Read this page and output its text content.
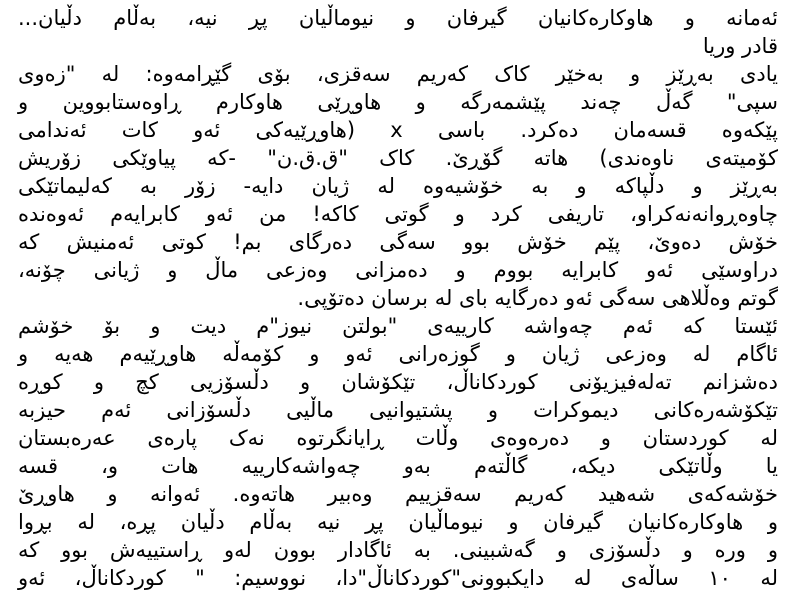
ئەمانە و هاوکارەکانیان گیرفان و نیوماڵیان پڕ نیە، بەڵام دڵیان...
قادر وریا
یادی بەڕێز و بەخێر کاک کەریم سەقزی، بۆی گێڕامەوە: لە "زەوی
سپی" گەڵ چەند پێشمەرگە و هاوڕێی هاوکارم ڕاوەستابووین و
پێکەوە قسەمان دەکرد. باسی x (هاوڕێیەکی ئەو کات ئەندامی
کۆمیتەی ناوەندی) هاتە گۆڕێ. کاک "ق.ق.ن" -کە پیاوێکی زۆریش
بەڕێز و دڵپاکە و بە خۆشیەوە لە ژیان دایە- زۆر بە کەلیماتێکی
چاوەڕوانەنەکراو، تاریفی کرد و گوتی کاکە! من ئەو کابرایەم ئەوەندە
خۆش دەوێ، پێم خۆش بوو سەگی دەرگای بم! کوتی ئەمنیش کە
دراوسێی ئەو کابرایە بووم و دەمزانی وەزعی ماڵ و ژیانی چۆنە،
گوتم وەڵلاهی سەگی ئەو دەرگایە بای لە برسان دەتۆپی.
ئێستا کە ئەم چەواشە کارییەی "بولتن نیوز"م دیت و بۆ خۆشم
ئاگام لە وەزعی ژیان و گوزەرانی ئەو و کۆمەڵە هاوڕێیەم هەیە و
دەشزانم تەلەفیزیۆنی کوردکاناڵ، تێکۆشان و دڵسۆزیی کچ و کوڕە
تێکۆشەرەکانی دیموکرات و پشتیوانیی ماڵیی دڵسۆزانی ئەم حیزبە
لە کوردستان و دەرەوەی وڵات ڕایانگرتوە نەک پارەی عەرەبستان
یا وڵاتێکی دیکە، گاڵتەم بەو چەواشەکارییە هات و، قسە
خۆشەکەی شەهید کەریم سەقزییم وەبیر هاتەوە. ئەوانە و هاوڕێ
و هاوکارەکانیان گیرفان و نیوماڵیان پڕ نیە بەڵام دڵیان پڕە، لە بڕوا
و ورە و دڵسۆزی و گەشبینی. بە ئاگادار بوون لەو ڕاستییەش بوو کە
لە ١٠ ساڵەی لە دایکبوونی"کوردکاناڵ"دا، نووسیم: " کوردکاناڵ، ئەو
